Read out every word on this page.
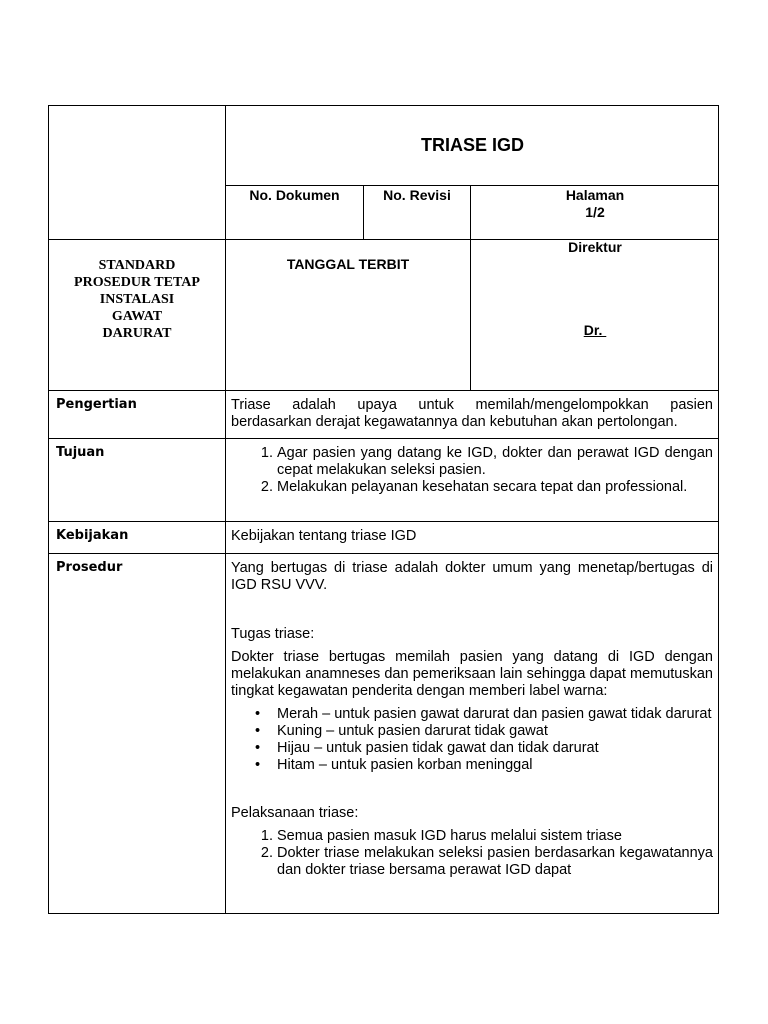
TRIASE IGD
No. Dokumen	No. Revisi	Halaman
1/2
STANDARD
PROSEDUR TETAP
INSTALASI
GAWAT
DARURAT
TANGGAL TERBIT
Direktur
Dr.
Pengertian	Triase adalah upaya untuk memilah/mengelompokkan pasien
berdasarkan derajat kegawatannya dan kebutuhan akan pertolongan.
Tujuan
1.	Agar pasien yang datang ke IGD, dokter dan perawat IGD dengan cepat melakukan seleksi pasien.
2. Melakukan pelayanan kesehatan secara tepat dan professional.
Kebijakan	Kebijakan tentang triase IGD
Prosedur	Yang bertugas di triase adalah dokter umum yang menetap/bertugas di IGD RSU VVV.

Tugas triase:

Dokter triase bertugas memilah pasien yang datang di IGD dengan melakukan anamneses dan pemeriksaan lain sehingga dapat memutuskan tingkat kegawatan penderita dengan memberi label warna:

• Merah – untuk pasien gawat darurat dan pasien gawat tidak darurat
• Kuning – untuk pasien darurat tidak gawat
• Hijau – untuk pasien tidak gawat dan tidak darurat
• Hitam – untuk pasien korban meninggal

Pelaksanaan triase:

1. Semua pasien masuk IGD harus melalui sistem triase
2. Dokter triase melakukan seleksi pasien berdasarkan kegawatannya dan dokter triase bersama perawat IGD dapat
